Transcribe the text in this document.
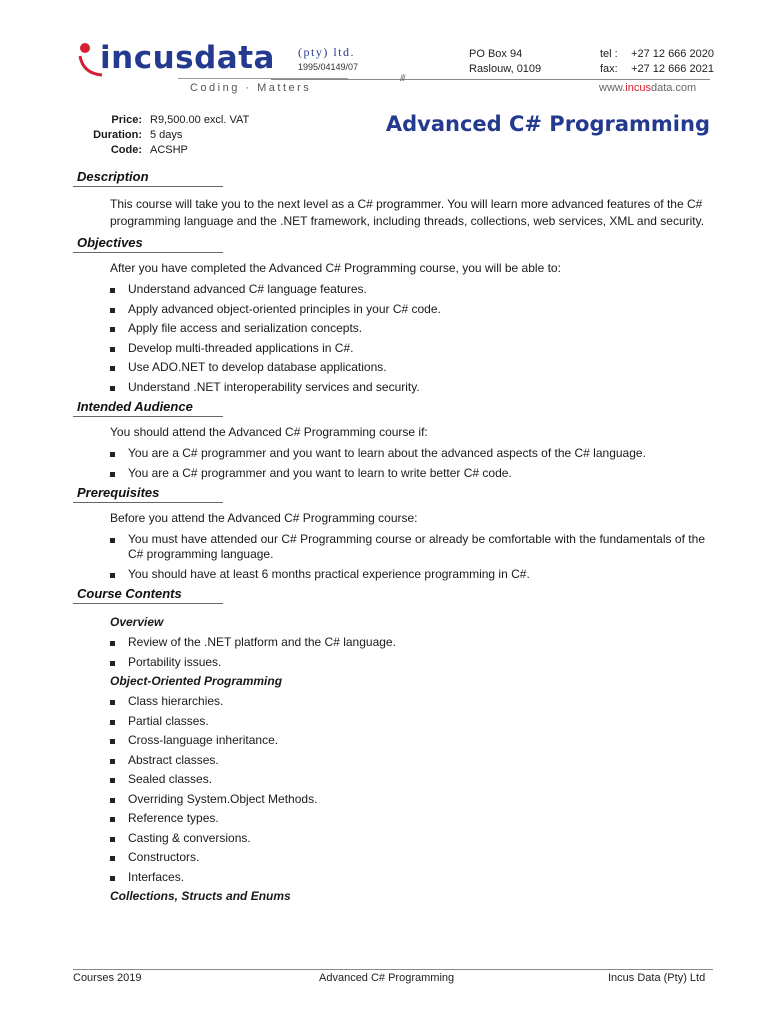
incusdata
Coding · Matters
(pty) ltd.
1995/04149/07
PO Box 94
Raslouw, 0109
tel : +27 12 666 2020
fax: +27 12 666 2021
///
www.incusdata.com
Price: R9,500.00 excl. VAT
Duration: 5 days
Code: ACSHP
Advanced C# Programming
Description
This course will take you to the next level as a C# programmer. You will learn more advanced features of the C# programming language and the .NET framework, including threads, collections, web services, XML and security.
Objectives
After you have completed the Advanced C# Programming course, you will be able to:
Understand advanced C# language features.
Apply advanced object-oriented principles in your C# code.
Apply file access and serialization concepts.
Develop multi-threaded applications in C#.
Use ADO.NET to develop database applications.
Understand .NET interoperability services and security.
Intended Audience
You should attend the Advanced C# Programming course if:
You are a C# programmer and you want to learn about the advanced aspects of the C# language.
You are a C# programmer and you want to learn to write better C# code.
Prerequisites
Before you attend the Advanced C# Programming course:
You must have attended our C# Programming course or already be comfortable with the fundamentals of the C# programming language.
You should have at least 6 months practical experience programming in C#.
Course Contents
Overview
Review of the .NET platform and the C# language.
Portability issues.
Object-Oriented Programming
Class hierarchies.
Partial classes.
Cross-language inheritance.
Abstract classes.
Sealed classes.
Overriding System.Object Methods.
Reference types.
Casting & conversions.
Constructors.
Interfaces.
Collections, Structs and Enums
Courses 2019	Advanced C# Programming	Incus Data (Pty) Ltd
